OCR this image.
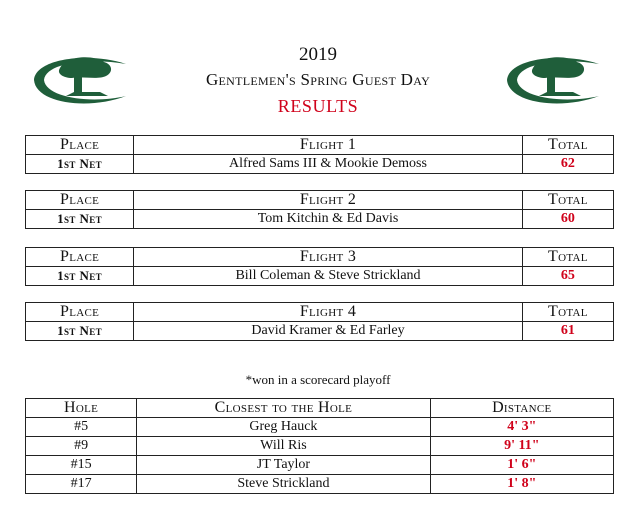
2019
Gentlemen's Spring Guest Day
RESULTS
Place	Flight 1	Total
1st Net	Alfred Sams III & Mookie Demoss	62
Place	Flight 2	Total
1st Net	Tom Kitchin & Ed Davis	60
Place	Flight 3	Total
1st Net	Bill Coleman & Steve Strickland	65
Place	Flight 4	Total
1st Net	David Kramer & Ed Farley	61
*won in a scorecard playoff
Hole	Closest to the Hole	Distance
#5	Greg Hauck	4' 3"
#9	Will Ris	9' 11"
#15	JT Taylor	1' 6"
#17	Steve Strickland	1' 8"
